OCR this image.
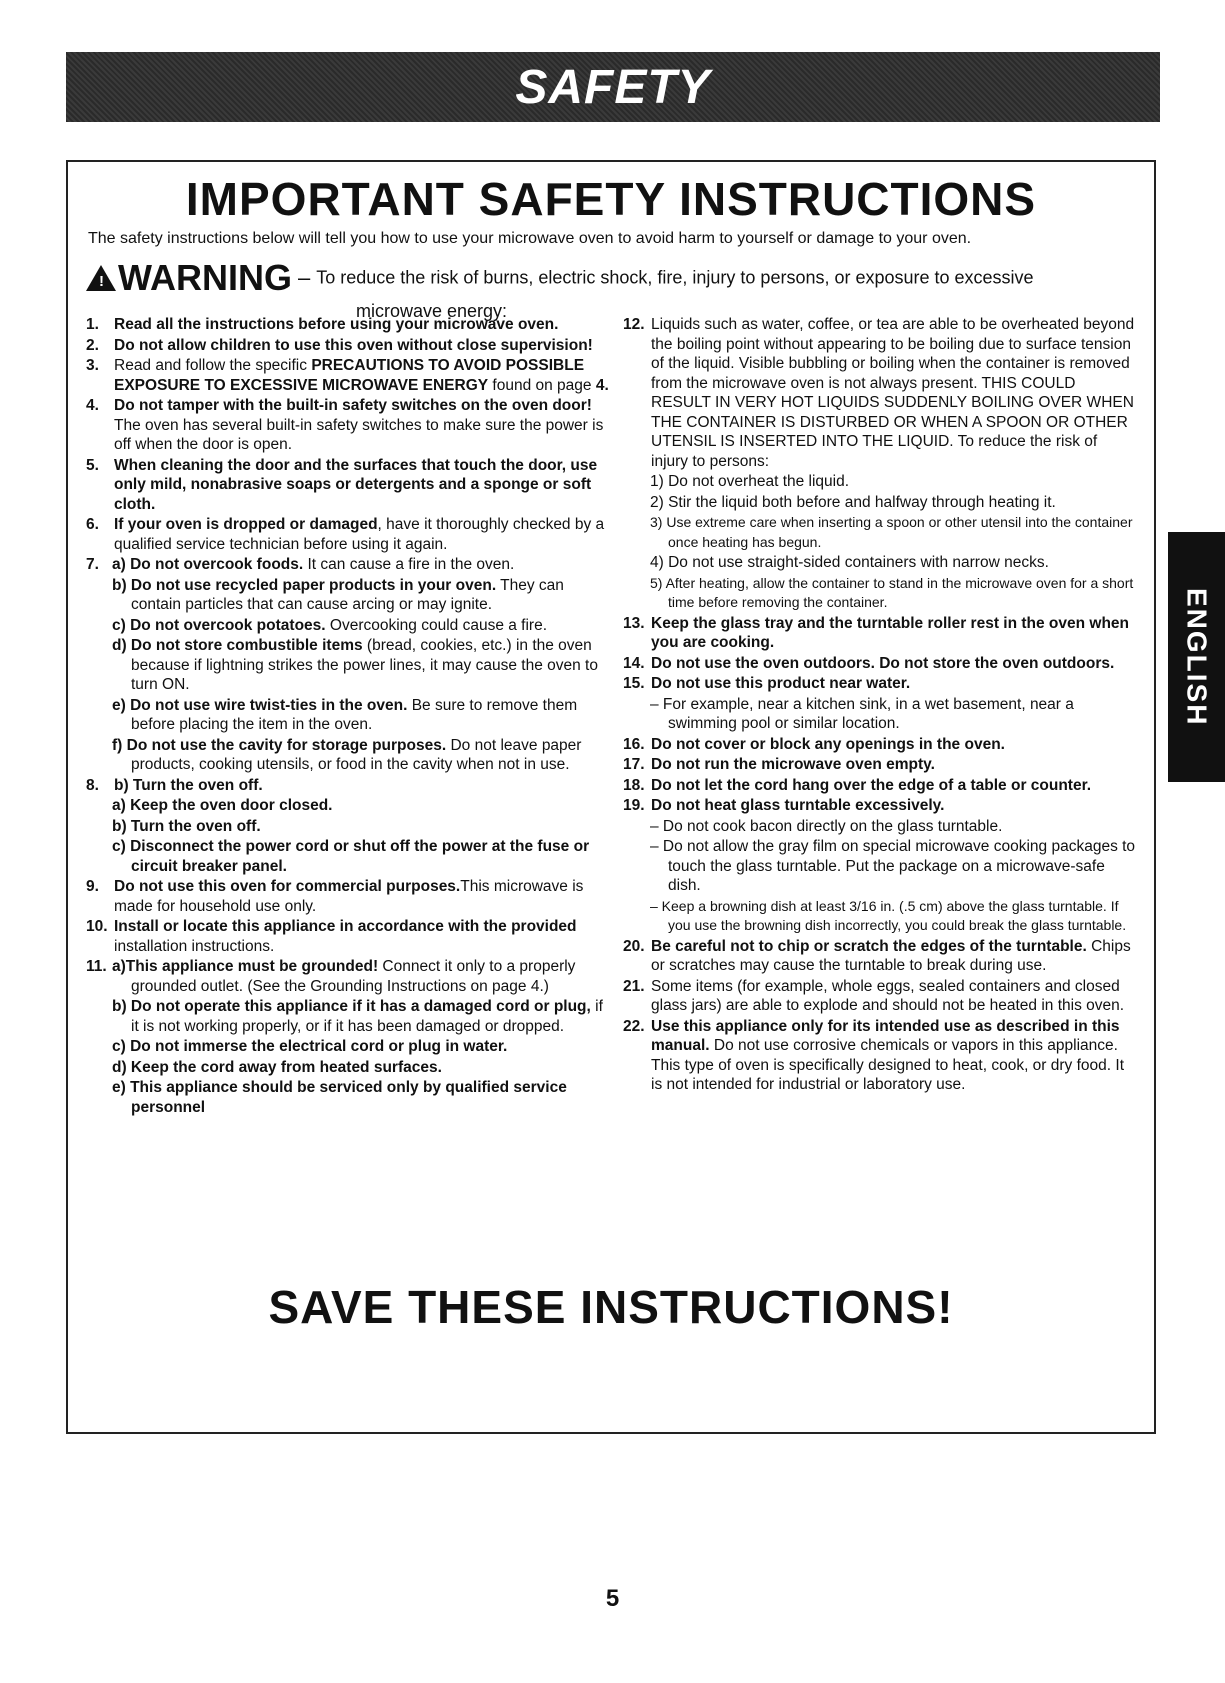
SAFETY
ENGLISH
IMPORTANT SAFETY INSTRUCTIONS

The safety instructions below will tell you how to use your microwave oven to avoid harm to yourself or damage to your oven.

! WARNING – To reduce the risk of burns, electric shock, fire, injury to persons, or exposure to excessive
microwave energy:
1. Read all the instructions before using your microwave oven.
2. Do not allow children to use this oven without close supervision!
3. Read and follow the specific PRECAUTIONS TO AVOID POSSIBLE EXPOSURE TO EXCESSIVE MICROWAVE ENERGY found on page 4.
4. Do not tamper with the built-in safety switches on the oven door! The oven has several built-in safety switches to make sure the power is off when the door is open.
5. When cleaning the door and the surfaces that touch the door, use only mild, nonabrasive soaps or detergents and a sponge or soft cloth.
6. If your oven is dropped or damaged, have it thoroughly checked by a qualified service technician before using it again.
7. a) Do not overcook foods. It can cause a fire in the oven.
b) Do not use recycled paper products in your oven. They can contain particles that can cause arcing or may ignite.
c) Do not overcook potatoes. Overcooking could cause a fire.
d) Do not store combustible items (bread, cookies, etc.) in the oven because if lightning strikes the power lines, it may cause the oven to turn ON.
e) Do not use wire twist-ties in the oven. Be sure to remove them before placing the item in the oven.
f) Do not use the cavity for storage purposes. Do not leave paper products, cooking utensils, or food in the cavity when not in use.
8. b) Turn the oven off.
a) Keep the oven door closed.
b) Turn the oven off.
c) Disconnect the power cord or shut off the power at the fuse or circuit breaker panel.
9. Do not use this oven for commercial purposes.This microwave is made for household use only.
10. Install or locate this appliance in accordance with the provided installation instructions.
11. a)This appliance must be grounded! Connect it only to a properly grounded outlet. (See the Grounding Instructions on page 4.)
b) Do not operate this appliance if it has a damaged cord or plug, if it is not working properly, or if it has been damaged or dropped.
c) Do not immerse the electrical cord or plug in water.
d) Keep the cord away from heated surfaces.
e) This appliance should be serviced only by qualified service personnel
12. Liquids such as water, coffee, or tea are able to be overheated beyond the boiling point without appearing to be boiling due to surface tension of the liquid. Visible bubbling or boiling when the container is removed from the microwave oven is not always present. THIS COULD RESULT IN VERY HOT LIQUIDS SUDDENLY BOILING OVER WHEN THE CONTAINER IS DISTURBED OR WHEN A SPOON OR OTHER UTENSIL IS INSERTED INTO THE LIQUID. To reduce the risk of injury to persons:
1) Do not overheat the liquid.
2) Stir the liquid both before and halfway through heating it.
3) Use extreme care when inserting a spoon or other utensil into the container once heating has begun.
4) Do not use straight-sided containers with narrow necks.
5) After heating, allow the container to stand in the microwave oven for a short time before removing the container.
13. Keep the glass tray and the turntable roller rest in the oven when you are cooking.
14. Do not use the oven outdoors. Do not store the oven outdoors.
15. Do not use this product near water.
– For example, near a kitchen sink, in a wet basement, near a swimming pool or similar location.
16. Do not cover or block any openings in the oven.
17. Do not run the microwave oven empty.
18. Do not let the cord hang over the edge of a table or counter.
19. Do not heat glass turntable excessively.
– Do not cook bacon directly on the glass turntable.
– Do not allow the gray film on special microwave cooking packages to touch the glass turntable. Put the package on a microwave-safe dish.
– Keep a browning dish at least 3/16 in. (.5 cm) above the glass turntable. If you use the browning dish incorrectly, you could break the glass turntable.
20. Be careful not to chip or scratch the edges of the turntable. Chips or scratches may cause the turntable to break during use.
21. Some items (for example, whole eggs, sealed containers and closed glass jars) are able to explode and should not be heated in this oven.
22. Use this appliance only for its intended use as described in this manual. Do not use corrosive chemicals or vapors in this appliance. This type of oven is specifically designed to heat, cook, or dry food. It is not intended for industrial or laboratory use.
SAVE THESE INSTRUCTIONS!
5
